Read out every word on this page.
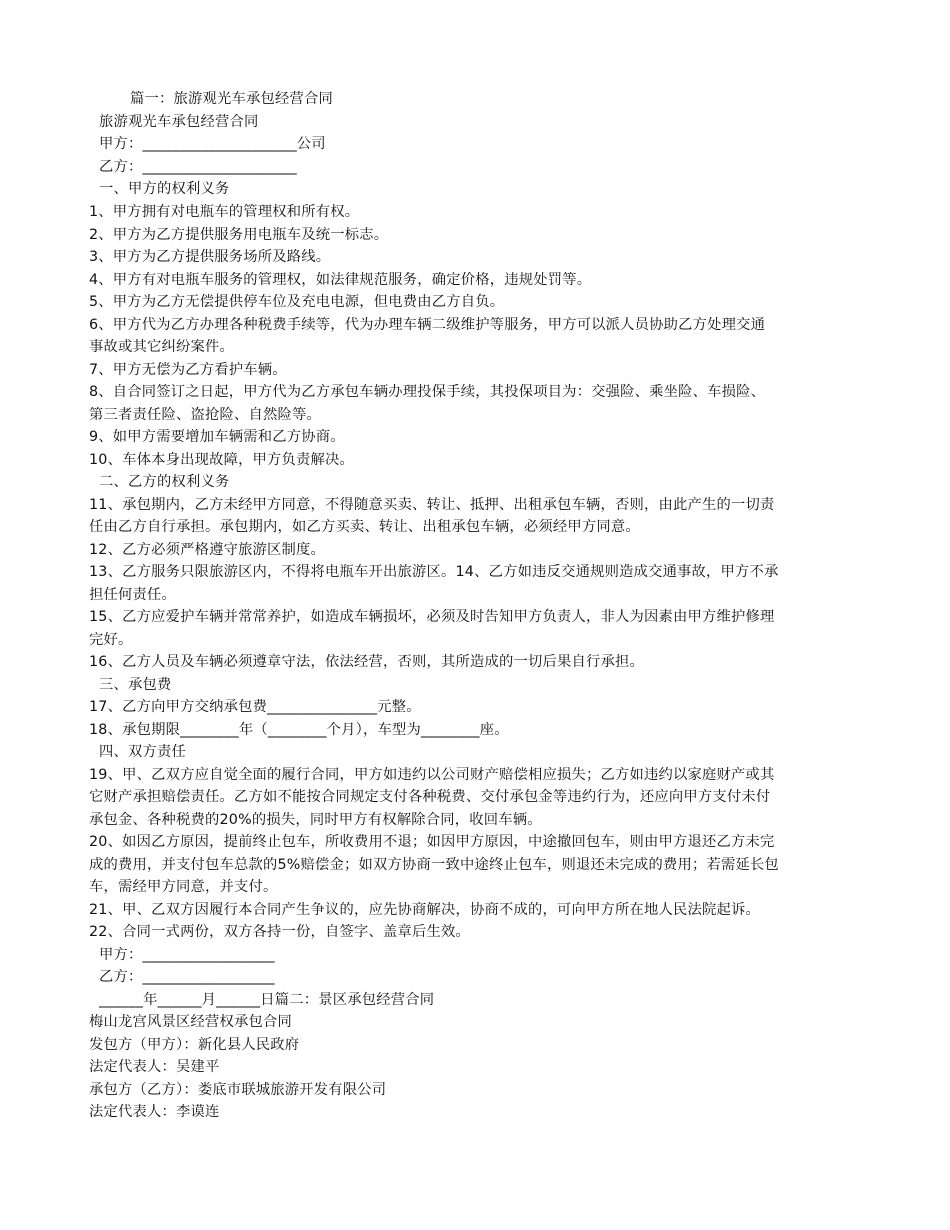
篇一：旅游观光车承包经营合同
旅游观光车承包经营合同
甲方：_____________________公司
乙方：_____________________
一、甲方的权利义务
1、甲方拥有对电瓶车的管理权和所有权。
2、甲方为乙方提供服务用电瓶车及统一标志。
3、甲方为乙方提供服务场所及路线。
4、甲方有对电瓶车服务的管理权，如法律规范服务，确定价格，违规处罚等。
5、甲方为乙方无偿提供停车位及充电电源，但电费由乙方自负。
6、甲方代为乙方办理各种税费手续等，代为办理车辆二级维护等服务，甲方可以派人员协助乙方处理交通
事故或其它纠纷案件。
7、甲方无偿为乙方看护车辆。
8、自合同签订之日起，甲方代为乙方承包车辆办理投保手续，其投保项目为：交强险、乘坐险、车损险、
第三者责任险、盗抢险、自然险等。
9、如甲方需要增加车辆需和乙方协商。
10、车体本身出现故障，甲方负责解决。
二、乙方的权利义务
11、承包期内，乙方未经甲方同意，不得随意买卖、转让、抵押、出租承包车辆，否则，由此产生的一切责
任由乙方自行承担。承包期内，如乙方买卖、转让、出租承包车辆，必须经甲方同意。
12、乙方必须严格遵守旅游区制度。
13、乙方服务只限旅游区内，不得将电瓶车开出旅游区。14、乙方如违反交通规则造成交通事故，甲方不承
担任何责任。
15、乙方应爱护车辆并常常养护，如造成车辆损坏，必须及时告知甲方负责人，非人为因素由甲方维护修理
完好。
16、乙方人员及车辆必须遵章守法，依法经营，否则，其所造成的一切后果自行承担。
三、承包费
17、乙方向甲方交纳承包费_______________元整。
18、承包期限________年（________个月），车型为________座。
四、双方责任
19、甲、乙双方应自觉全面的履行合同，甲方如违约以公司财产赔偿相应损失；乙方如违约以家庭财产或其
它财产承担赔偿责任。乙方如不能按合同规定支付各种税费、交付承包金等违约行为，还应向甲方支付未付
承包金、各种税费的20%的损失，同时甲方有权解除合同，收回车辆。
20、如因乙方原因，提前终止包车，所收费用不退；如因甲方原因，中途撤回包车，则由甲方退还乙方未完
成的费用，并支付包车总款的5%赔偿金；如双方协商一致中途终止包车，则退还未完成的费用；若需延长包
车，需经甲方同意，并支付。
21、甲、乙双方因履行本合同产生争议的，应先协商解决，协商不成的，可向甲方所在地人民法院起诉。
22、合同一式两份，双方各持一份，自签字、盖章后生效。
甲方：__________________
乙方：__________________
______年______月______日篇二：景区承包经营合同
梅山龙宫风景区经营权承包合同
发包方（甲方）：新化县人民政府
法定代表人：吴建平
承包方（乙方）：娄底市联城旅游开发有限公司
法定代表人：李谟连
